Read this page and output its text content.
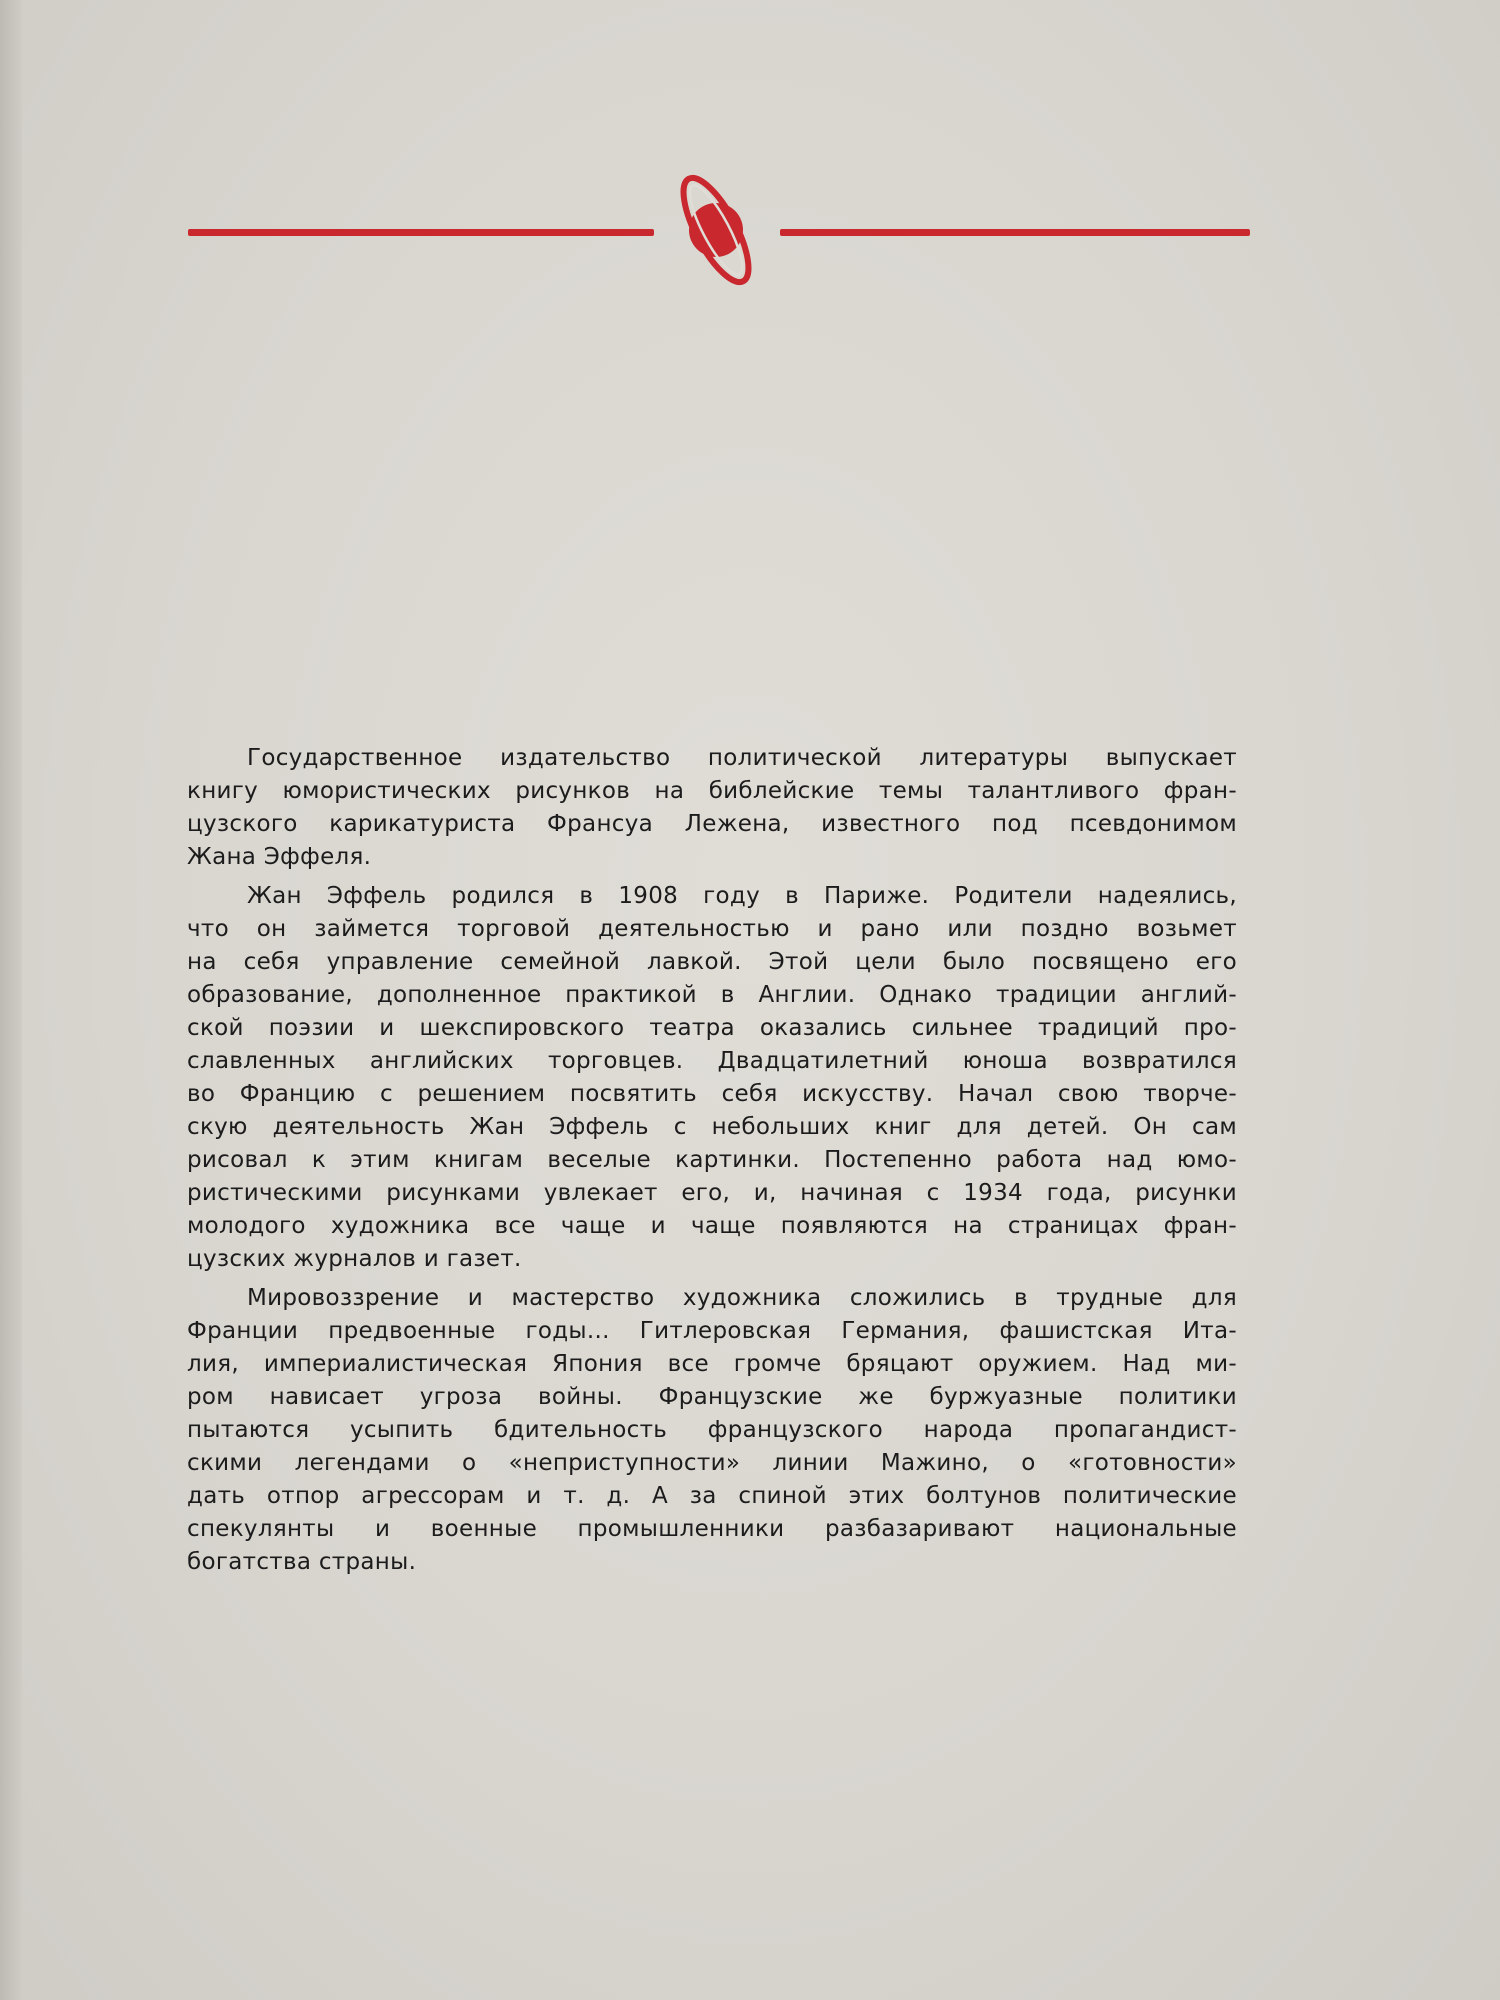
Государственное издательство политической литературы выпускает
книгу юмористических рисунков на библейские темы талантливого фран-
цузского карикатуриста Франсуа Лежена, известного под псевдонимом
Жана Эффеля.
Жан Эффель родился в 1908 году в Париже. Родители надеялись,
что он займется торговой деятельностью и рано или поздно возьмет
на себя управление семейной лавкой. Этой цели было посвящено его
образование, дополненное практикой в Англии. Однако традиции англий-
ской поэзии и шекспировского театра оказались сильнее традиций про-
славленных английских торговцев. Двадцатилетний юноша возвратился
во Францию с решением посвятить себя искусству. Начал свою творче-
скую деятельность Жан Эффель с небольших книг для детей. Он сам
рисовал к этим книгам веселые картинки. Постепенно работа над юмо-
ристическими рисунками увлекает его, и, начиная с 1934 года, рисунки
молодого художника все чаще и чаще появляются на страницах фран-
цузских журналов и газет.
Мировоззрение и мастерство художника сложились в трудные для
Франции предвоенные годы... Гитлеровская Германия, фашистская Ита-
лия, империалистическая Япония все громче бряцают оружием. Над ми-
ром нависает угроза войны. Французские же буржуазные политики
пытаются усыпить бдительность французского народа пропагандист-
скими легендами о «неприступности» линии Мажино, о «готовности»
дать отпор агрессорам и т. д. А за спиной этих болтунов политические
спекулянты и военные промышленники разбазаривают национальные
богатства страны.
